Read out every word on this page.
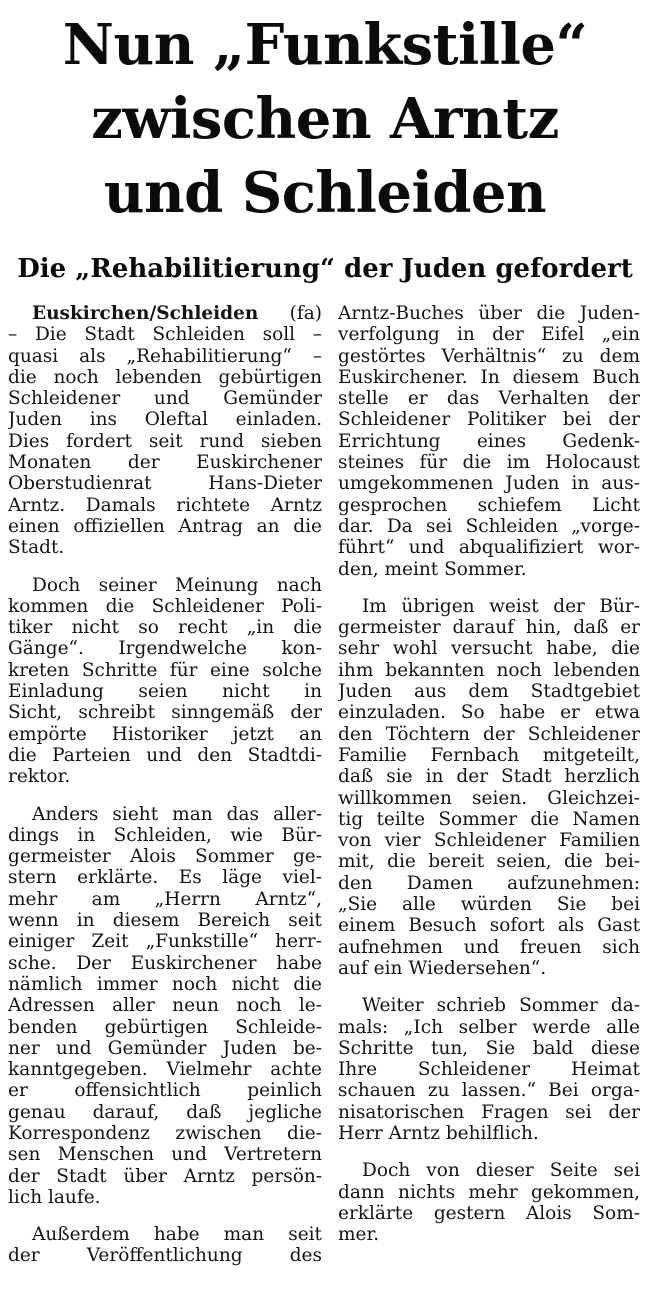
Nun „Funkstille“
zwischen Arntz
und Schleiden
Die „Rehabilitierung“ der Juden gefordert

Euskirchen/Schleiden (fa)
– Die Stadt Schleiden soll –
quasi als „Rehabilitierung“ –
die noch lebenden gebürtigen
Schleidener und Gemünder
Juden ins Oleftal einladen.
Dies fordert seit rund sieben
Monaten der Euskirchener
Oberstudienrat Hans-Dieter
Arntz. Damals richtete Arntz
einen offiziellen Antrag an die
Stadt.

Doch seiner Meinung nach
kommen die Schleidener Poli-
tiker nicht so recht „in die
Gänge“. Irgendwelche kon-
kreten Schritte für eine solche
Einladung seien nicht in
Sicht, schreibt sinngemäß der
empörte Historiker jetzt an
die Parteien und den Stadtdi-
rektor.

Anders sieht man das aller-
dings in Schleiden, wie Bür-
germeister Alois Sommer ge-
stern erklärte. Es läge viel-
mehr am „Herrn Arntz“,
wenn in diesem Bereich seit
einiger Zeit „Funkstille“ herr-
sche. Der Euskirchener habe
nämlich immer noch nicht die
Adressen aller neun noch le-
benden gebürtigen Schleide-
ner und Gemünder Juden be-
kanntgegeben. Vielmehr achte
er offensichtlich peinlich
genau darauf, daß jegliche
Korrespondenz zwischen die-
sen Menschen und Vertretern
der Stadt über Arntz persön-
lich laufe.

Außerdem habe man seit
der Veröffentlichung des

Arntz-Buches über die Juden-
verfolgung in der Eifel „ein
gestörtes Verhältnis“ zu dem
Euskirchener. In diesem Buch
stelle er das Verhalten der
Schleidener Politiker bei der
Errichtung eines Gedenk-
steines für die im Holocaust
umgekommenen Juden in aus-
gesprochen schiefem Licht
dar. Da sei Schleiden „vorge-
führt“ und abqualifiziert wor-
den, meint Sommer.

Im übrigen weist der Bür-
germeister darauf hin, daß er
sehr wohl versucht habe, die
ihm bekannten noch lebenden
Juden aus dem Stadtgebiet
einzuladen. So habe er etwa
den Töchtern der Schleidener
Familie Fernbach mitgeteilt,
daß sie in der Stadt herzlich
willkommen seien. Gleichzei-
tig teilte Sommer die Namen
von vier Schleidener Familien
mit, die bereit seien, die bei-
den Damen aufzunehmen:
„Sie alle würden Sie bei
einem Besuch sofort als Gast
aufnehmen und freuen sich
auf ein Wiedersehen“.

Weiter schrieb Sommer da-
mals: „Ich selber werde alle
Schritte tun, Sie bald diese
Ihre Schleidener Heimat
schauen zu lassen.“ Bei orga-
nisatorischen Fragen sei der
Herr Arntz behilflich.

Doch von dieser Seite sei
dann nichts mehr gekommen,
erklärte gestern Alois Som-
mer.
